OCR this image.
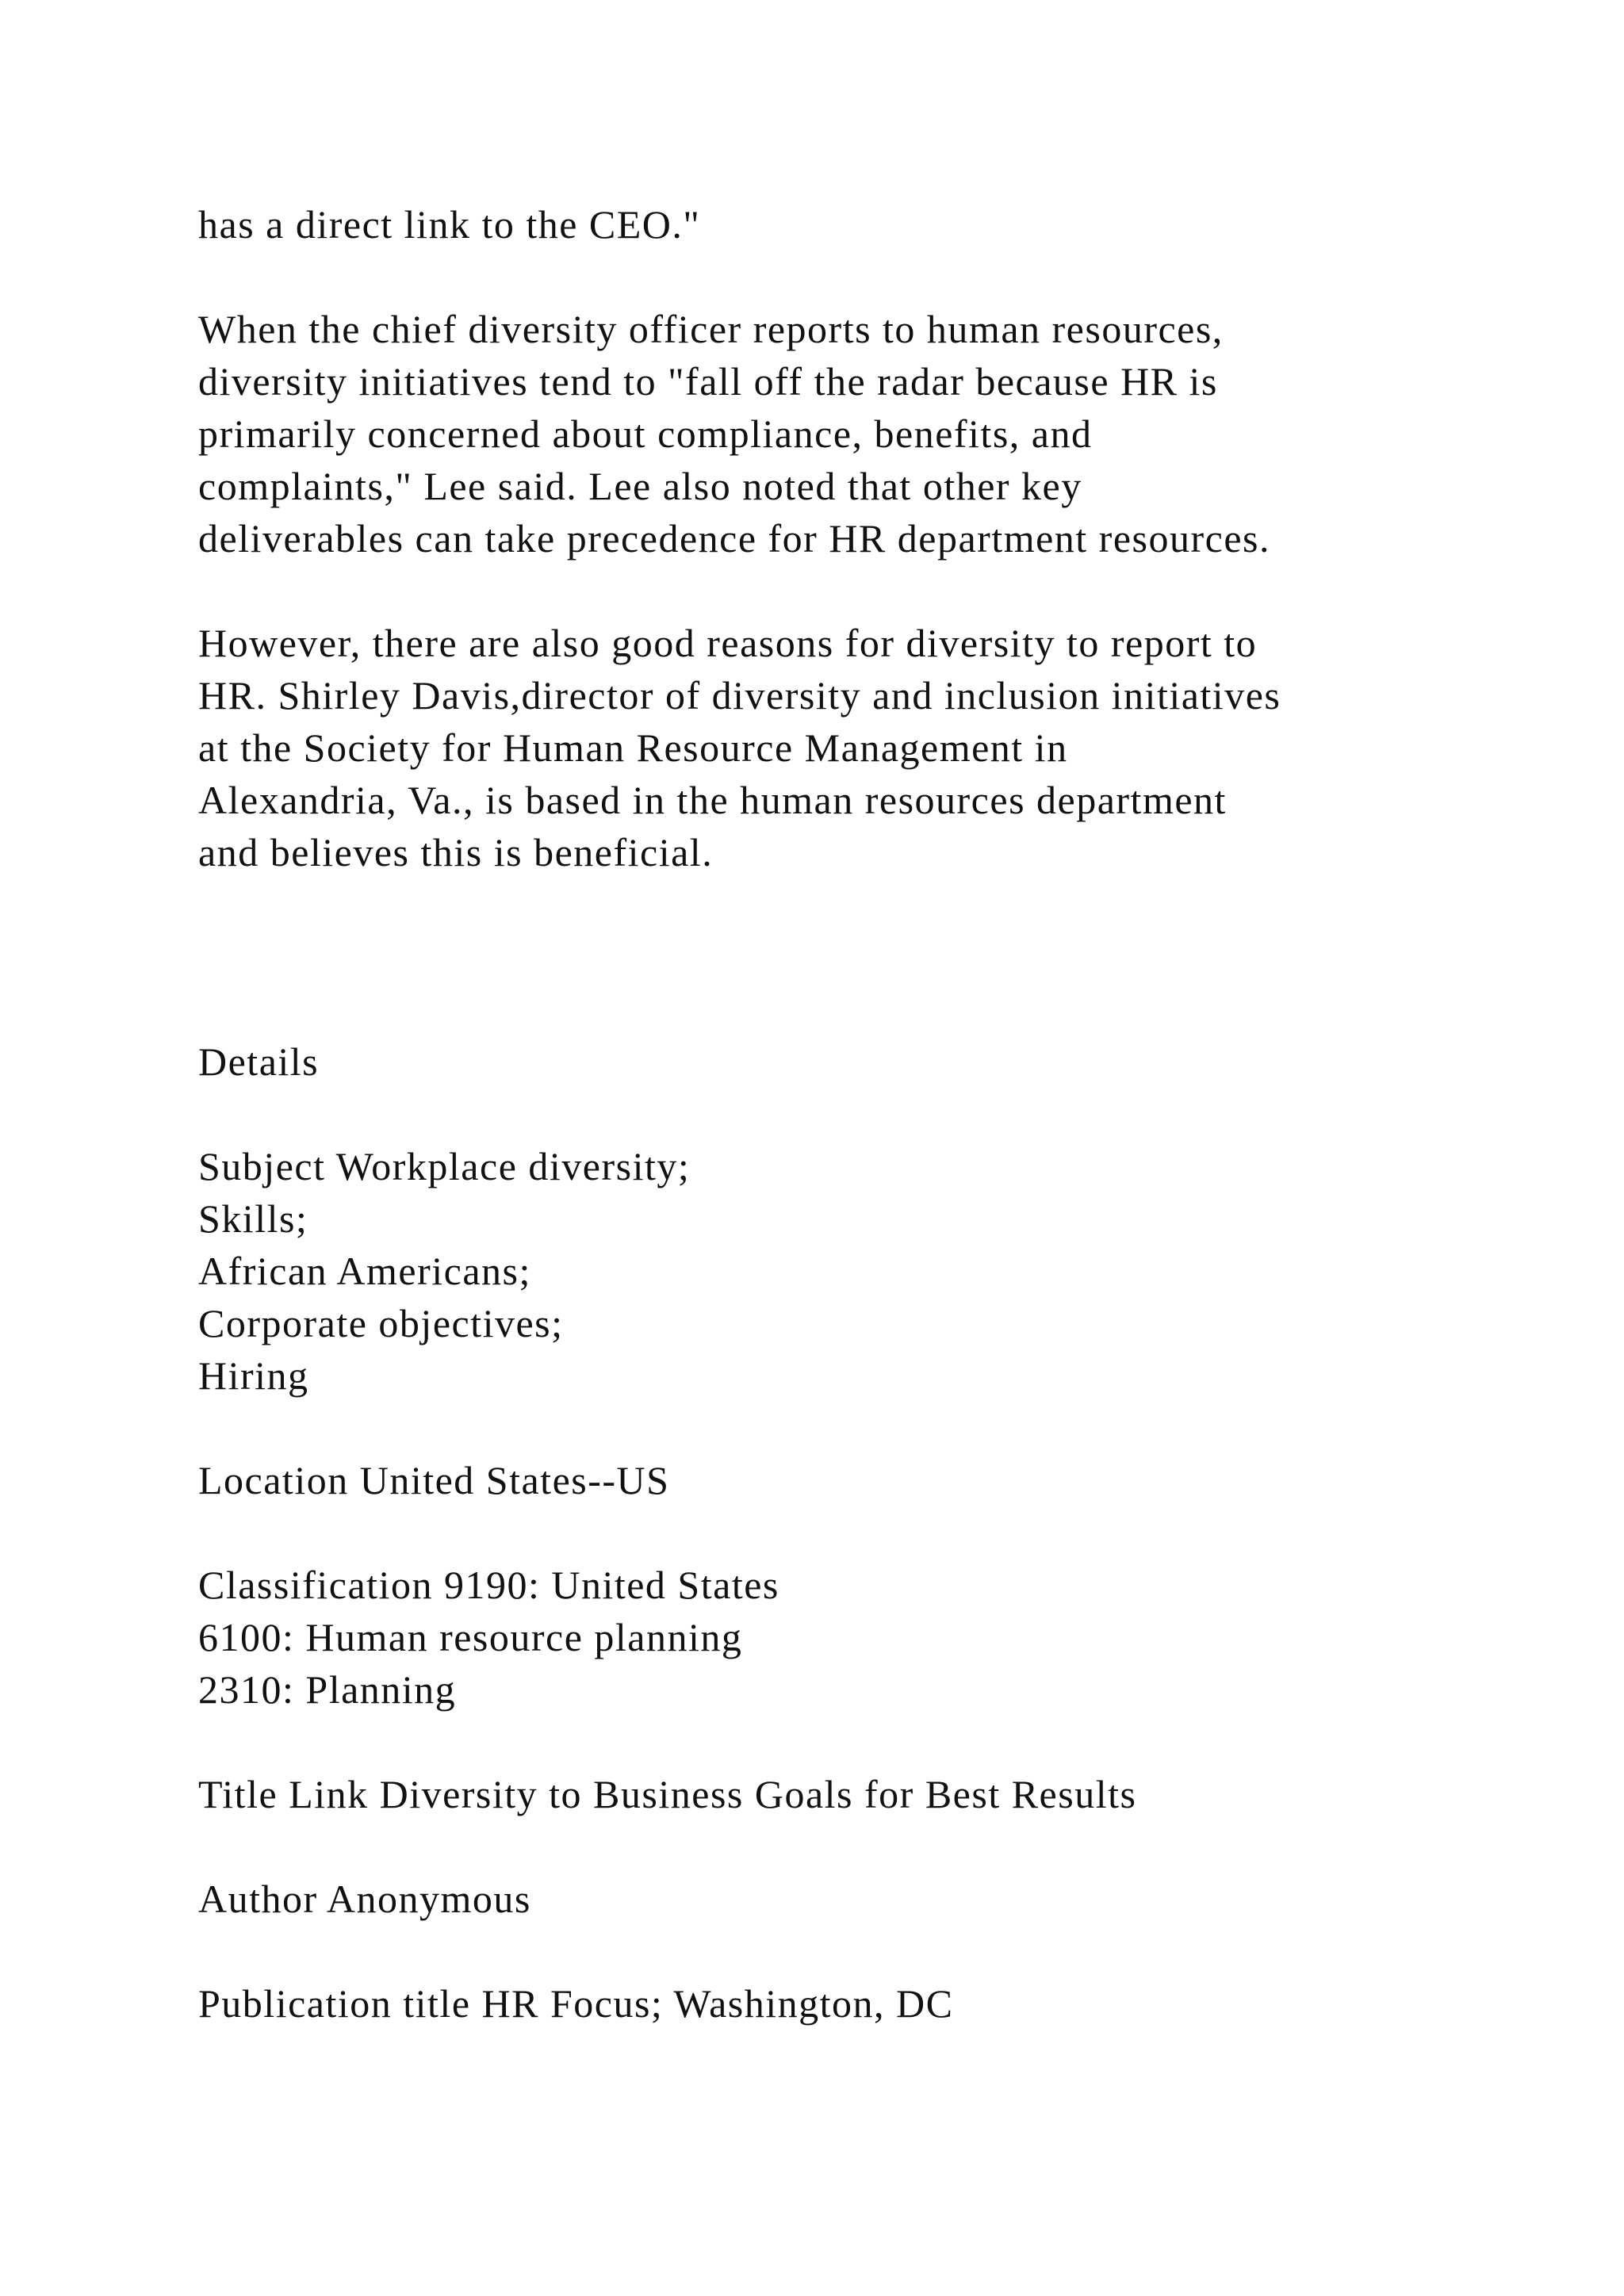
has a direct link to the CEO."
When the chief diversity officer reports to human resources,
diversity initiatives tend to "fall off the radar because HR is
primarily concerned about compliance, benefits, and
complaints," Lee said. Lee also noted that other key
deliverables can take precedence for HR department resources.
However, there are also good reasons for diversity to report to
HR. Shirley Davis,director of diversity and inclusion initiatives
at the Society for Human Resource Management in
Alexandria, Va., is based in the human resources department
and believes this is beneficial.
Details
Subject Workplace diversity;
Skills;
African Americans;
Corporate objectives;
Hiring
Location United States--US
Classification 9190: United States
6100: Human resource planning
2310: Planning
Title Link Diversity to Business Goals for Best Results
Author Anonymous
Publication title HR Focus; Washington, DC
